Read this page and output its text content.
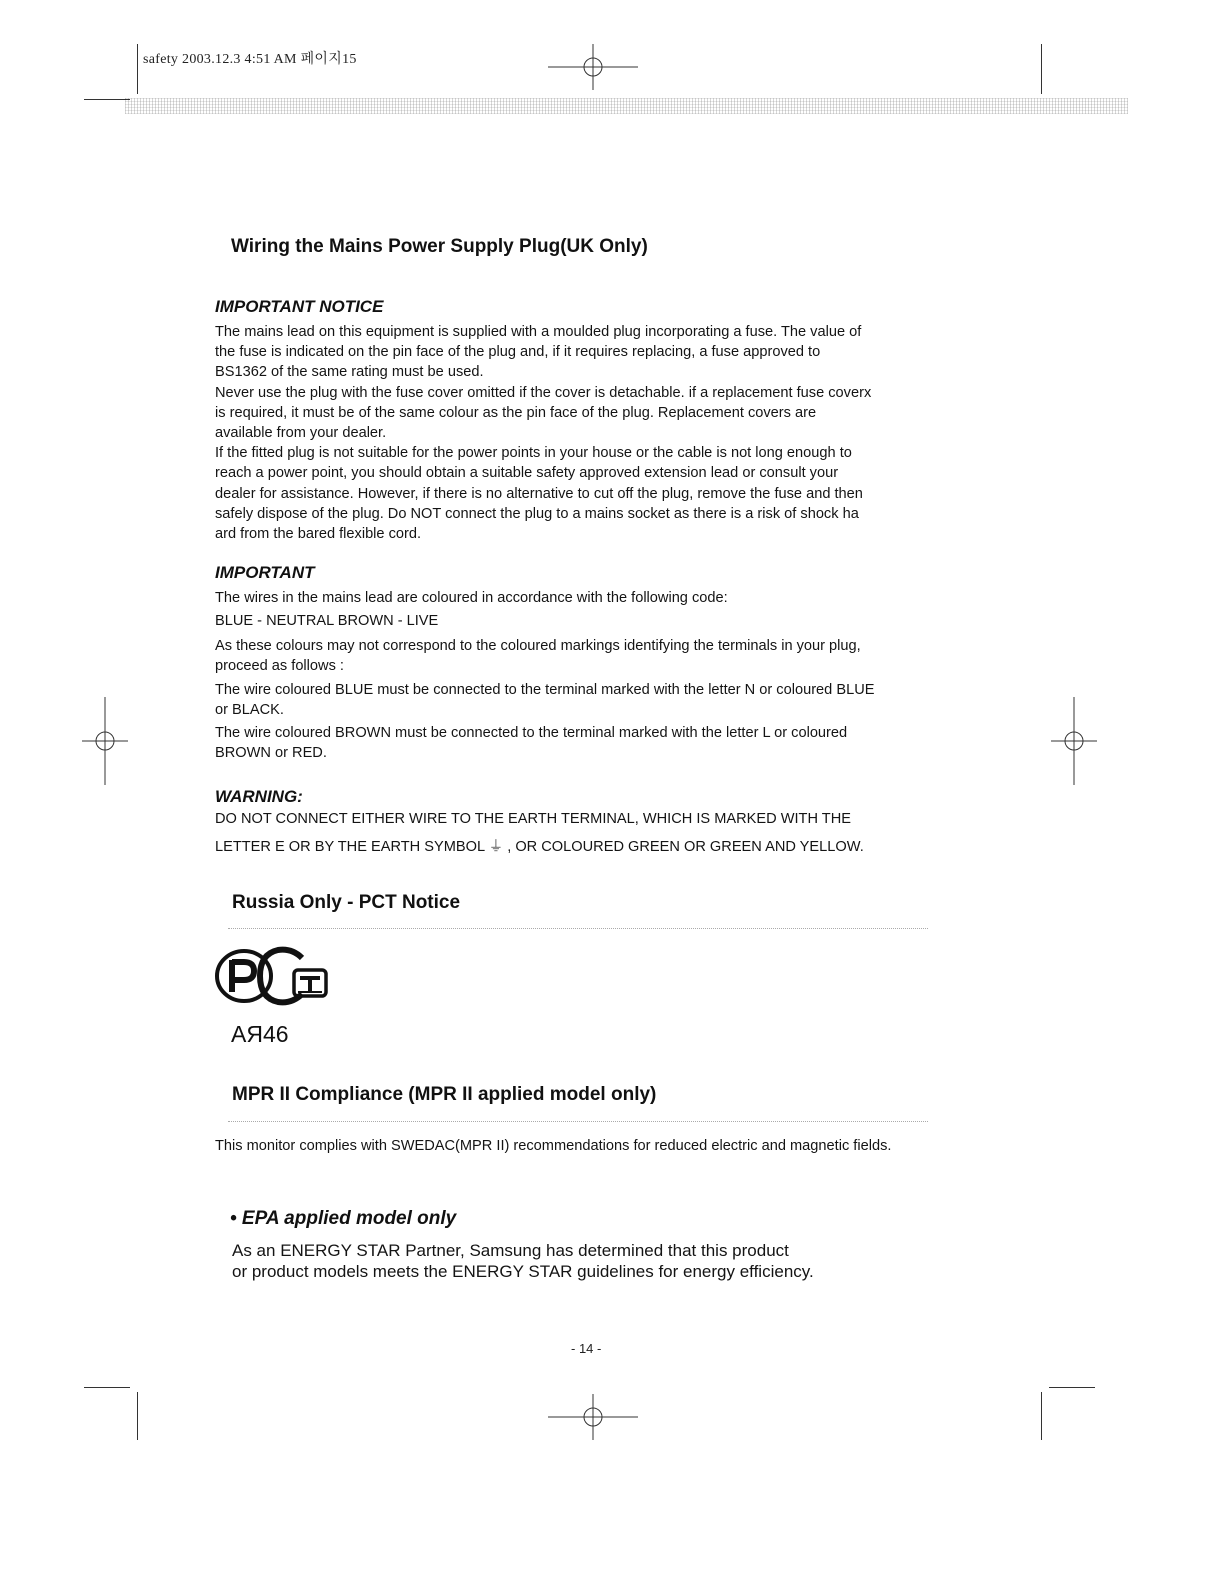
safety 2003.12.3 4:51 AM 페이지15
Wiring the Mains Power Supply Plug(UK Only)
IMPORTANT NOTICE
The mains lead on this equipment is supplied with a moulded plug incorporating a fuse. The value of
the fuse is indicated on the pin face of the plug and, if it requires replacing, a fuse approved to
BS1362 of the same rating must be used.
Never use the plug with the fuse cover omitted if the cover is detachable. if a replacement fuse coverx
is required, it must be of the same colour as the pin face of the plug. Replacement covers are
available from your dealer.
If the fitted plug is not suitable for the power points in your house or the cable is not long enough to
reach a power point, you should obtain a suitable safety approved extension lead or consult your
dealer for assistance. However, if there is no alternative to cut off the plug, remove the fuse and then
safely dispose of the plug. Do NOT connect the plug to a mains socket as there is a risk of shock ha
ard from the bared flexible cord.
IMPORTANT
The wires in the mains lead are coloured in accordance with the following code:
BLUE - NEUTRAL BROWN - LIVE
As these colours may not correspond to the coloured markings identifying the terminals in your plug,
proceed as follows :
The wire coloured BLUE must be connected to the terminal marked with the letter N or coloured BLUE
or BLACK.
The wire coloured BROWN must be connected to the terminal marked with the letter L or coloured
BROWN or RED.
WARNING:
DO NOT CONNECT EITHER WIRE TO THE EARTH TERMINAL, WHICH IS MARKED WITH THE
LETTER E OR BY THE EARTH SYMBOL ⏚ , OR COLOURED GREEN OR GREEN AND YELLOW.
Russia Only - PCT Notice
АЯ46
MPR II Compliance (MPR II applied model only)
This monitor complies with SWEDAC(MPR II) recommendations for reduced electric and magnetic fields.
• EPA applied model only
As an ENERGY STAR Partner, Samsung has determined that this product
or product models meets the ENERGY STAR guidelines for energy efficiency.
- 14 -
